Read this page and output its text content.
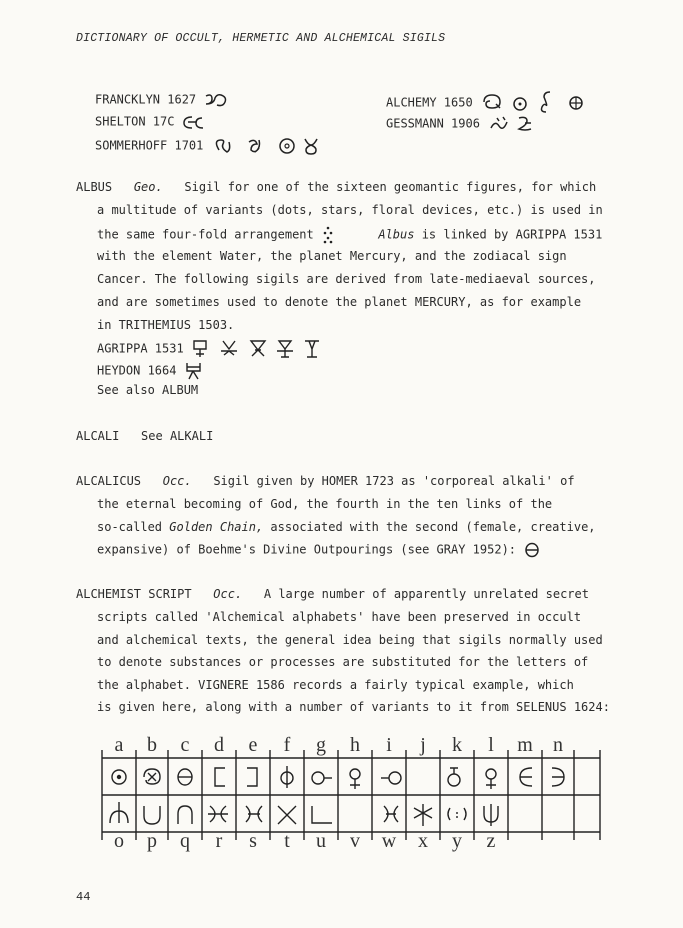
DICTIONARY OF OCCULT, HERMETIC AND ALCHEMICAL SIGILS
FRANCKLYN 1627
SHELTON 17C
SOMMERHOFF 1701
ALCHEMY 1650
GESSMANN 1906
ALBUS Geo. Sigil for one of the sixteen geomantic figures, for which
a multitude of variants (dots, stars, floral devices, etc.) is used in
the same four-fold arrangement	Albus is linked by AGRIPPA 1531
with the element Water, the planet Mercury, and the zodiacal sign
Cancer. The following sigils are derived from late-mediaeval sources,
and are sometimes used to denote the planet MERCURY, as for example
in TRITHEMIUS 1503.
AGRIPPA 1531
HEYDON 1664
See also ALBUM
ALCALI See ALKALI
ALCALICUS Occ. Sigil given by HOMER 1723 as 'corporeal alkali' of
the eternal becoming of God, the fourth in the ten links of the
so-called Golden Chain, associated with the second (female, creative,
expansive) of Boehme's Divine Outpourings (see GRAY 1952):
ALCHEMIST SCRIPT Occ. A large number of apparently unrelated secret
scripts called 'Alchemical alphabets' have been preserved in occult
and alchemical texts, the general idea being that sigils normally used
to denote substances or processes are substituted for the letters of
the alphabet. VIGNERE 1586 records a fairly typical example, which
is given here, along with a number of variants to it from SELENUS 1624:
a	b	c	d	e	f	g	h	i	j	k	l	m	n
o	p	q	r	s	t	u	v	w	x	y	z
44
